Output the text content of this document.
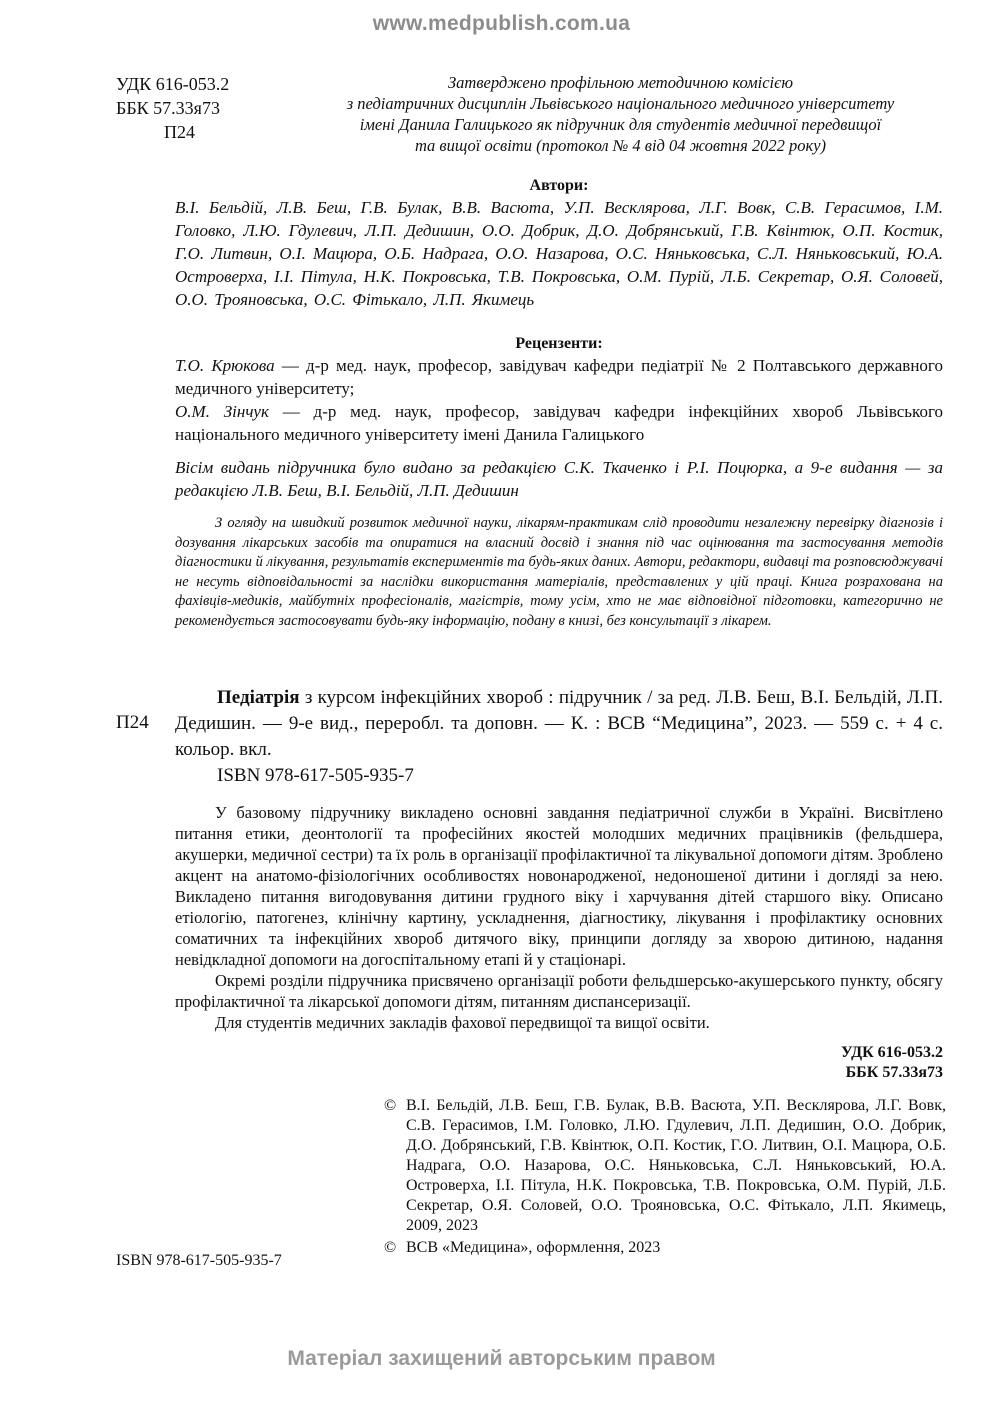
www.medpublish.com.ua
УДК 616-053.2
ББК 57.33я73
П24
Затверджено профільною методичною комісією
з педіатричних дисциплін Львівського національного медичного університету
імені Данила Галицького як підручник для студентів медичної передвищої
та вищої освіти (протокол № 4 від 04 жовтня 2022 року)
Автори:
В.І. Бельдій, Л.В. Беш, Г.В. Булак, В.В. Васюта, У.П. Весклярова, Л.Г. Вовк, С.В. Герасимов, І.М. Головко, Л.Ю. Гдулевич, Л.П. Дедишин, О.О. Добрик, Д.О. Добрянський, Г.В. Квінтюк, О.П. Костик, Г.О. Литвин, О.І. Мацюра, О.Б. Надрага, О.О. Назарова, О.С. Няньковська, С.Л. Няньковський, Ю.А. Островерха, І.І. Пітула, Н.К. Покровська, Т.В. Покровська, О.М. Пурій, Л.Б. Секретар, О.Я. Соловей, О.О. Трояновська, О.С. Фітькало, Л.П. Якимець
Рецензенти:
Т.О. Крюкова — д-р мед. наук, професор, завідувач кафедри педіатрії № 2 Полтавського державного медичного університету;
О.М. Зінчук — д-р мед. наук, професор, завідувач кафедри інфекційних хвороб Львівського національного медичного університету імені Данила Галицького
Вісім видань підручника було видано за редакцією С.К. Ткаченко і Р.І. Поцюрка, а 9-е видання — за редакцією Л.В. Беш, В.І. Бельдій, Л.П. Дедишин
З огляду на швидкий розвиток медичної науки, лікарям-практикам слід проводити незалежну перевірку діагнозів і дозування лікарських засобів та опиратися на власний досвід і знання під час оцінювання та застосування методів діагностики й лікування, результатів експериментів та будь-яких даних. Автори, редактори, видавці та розповсюджувачі не несуть відповідальності за наслідки використання матеріалів, представлених у цій праці. Книга розрахована на фахівців-медиків, майбутніх професіоналів, магістрів, тому усім, хто не має відповідної підготовки, категорично не рекомендується застосовувати будь-яку інформацію, подану в книзі, без консультації з лікарем.
П24
Педіатрія з курсом інфекційних хвороб : підручник / за ред. Л.В. Беш, В.І. Бельдій, Л.П. Дедишин. — 9-е вид., переробл. та доповн. — К. : ВСВ “Медицина”, 2023. — 559 с. + 4 с. кольор. вкл.
ISBN 978-617-505-935-7

У базовому підручнику викладено основні завдання педіатричної служби в Україні. Висвітлено питання етики, деонтології та професійних якостей молодших медичних працівників (фельдшера, акушерки, медичної сестри) та їх роль в організації профілактичної та лікувальної допомоги дітям. Зроблено акцент на анатомо-фізіологічних особливостях новонародженої, недоношеної дитини і догляді за нею. Викладено питання вигодовування дитини грудного віку і харчування дітей старшого віку. Описано етіологію, патогенез, клінічну картину, ускладнення, діагностику, лікування і профілактику основних соматичних та інфекційних хвороб дитячого віку, принципи догляду за хворою дитиною, надання невідкладної допомоги на догоспітальному етапі й у стаціонарі.

Окремі розділи підручника присвячено організації роботи фельдшерсько-акушерського пункту, обсягу профілактичної та лікарської допомоги дітям, питанням диспансеризації.

Для студентів медичних закладів фахової передвищої та вищої освіти.

УДК 616-053.2
ББК 57.33я73
© В.І. Бельдій, Л.В. Беш, Г.В. Булак, В.В. Васюта, У.П. Весклярова, Л.Г. Вовк, С.В. Герасимов, І.М. Головко, Л.Ю. Гдулевич, Л.П. Дедишин, О.О. Добрик, Д.О. Добрянський, Г.В. Квінтюк, О.П. Костик, Г.О. Литвин, О.І. Мацюра, О.Б. Надрага, О.О. Назарова, О.С. Няньковська, С.Л. Няньковський, Ю.А. Островерха, І.І. Пітула, Н.К. Покровська, Т.В. Покровська, О.М. Пурій, Л.Б. Секретар, О.Я. Соловей, О.О. Трояновська, О.С. Фітькало, Л.П. Якимець, 2009, 2023
© ВСВ «Медицина», оформлення, 2023
ISBN 978-617-505-935-7
Матеріал захищений авторським правом
